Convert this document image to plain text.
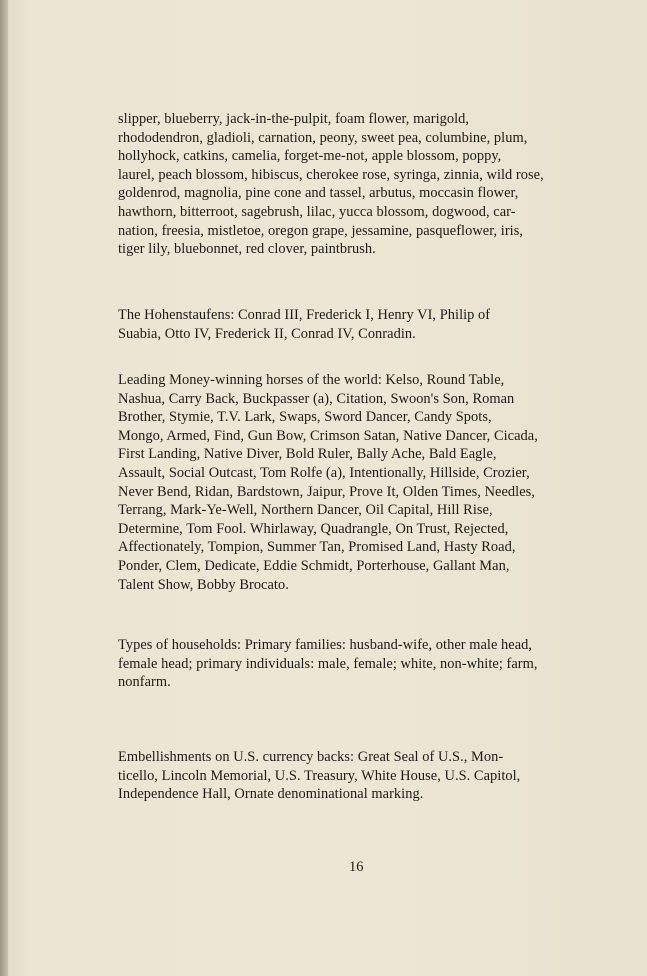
slipper, blueberry, jack-in-the-pulpit, foam flower, marigold,
rhododendron, gladioli, carnation, peony, sweet pea, columbine, plum,
hollyhock, catkins, camelia, forget-me-not, apple blossom, poppy,
laurel, peach blossom, hibiscus, cherokee rose, syringa, zinnia, wild rose,
goldenrod, magnolia, pine cone and tassel, arbutus, moccasin flower,
hawthorn, bitterroot, sagebrush, lilac, yucca blossom, dogwood, car-
nation, freesia, mistletoe, oregon grape, jessamine, pasqueflower, iris,
tiger lily, bluebonnet, red clover, paintbrush.
The Hohenstaufens: Conrad III, Frederick I, Henry VI, Philip of
Suabia, Otto IV, Frederick II, Conrad IV, Conradin.
Leading Money-winning horses of the world: Kelso, Round Table,
Nashua, Carry Back, Buckpasser (a), Citation, Swoon's Son, Roman
Brother, Stymie, T.V. Lark, Swaps, Sword Dancer, Candy Spots,
Mongo, Armed, Find, Gun Bow, Crimson Satan, Native Dancer, Cicada,
First Landing, Native Diver, Bold Ruler, Bally Ache, Bald Eagle,
Assault, Social Outcast, Tom Rolfe (a), Intentionally, Hillside, Crozier,
Never Bend, Ridan, Bardstown, Jaipur, Prove It, Olden Times, Needles,
Terrang, Mark-Ye-Well, Northern Dancer, Oil Capital, Hill Rise,
Determine, Tom Fool. Whirlaway, Quadrangle, On Trust, Rejected,
Affectionately, Tompion, Summer Tan, Promised Land, Hasty Road,
Ponder, Clem, Dedicate, Eddie Schmidt, Porterhouse, Gallant Man,
Talent Show, Bobby Brocato.
Types of households: Primary families: husband-wife, other male head,
female head; primary individuals: male, female; white, non-white; farm,
nonfarm.
Embellishments on U.S. currency backs: Great Seal of U.S., Mon-
ticello, Lincoln Memorial, U.S. Treasury, White House, U.S. Capitol,
Independence Hall, Ornate denominational marking.

16
